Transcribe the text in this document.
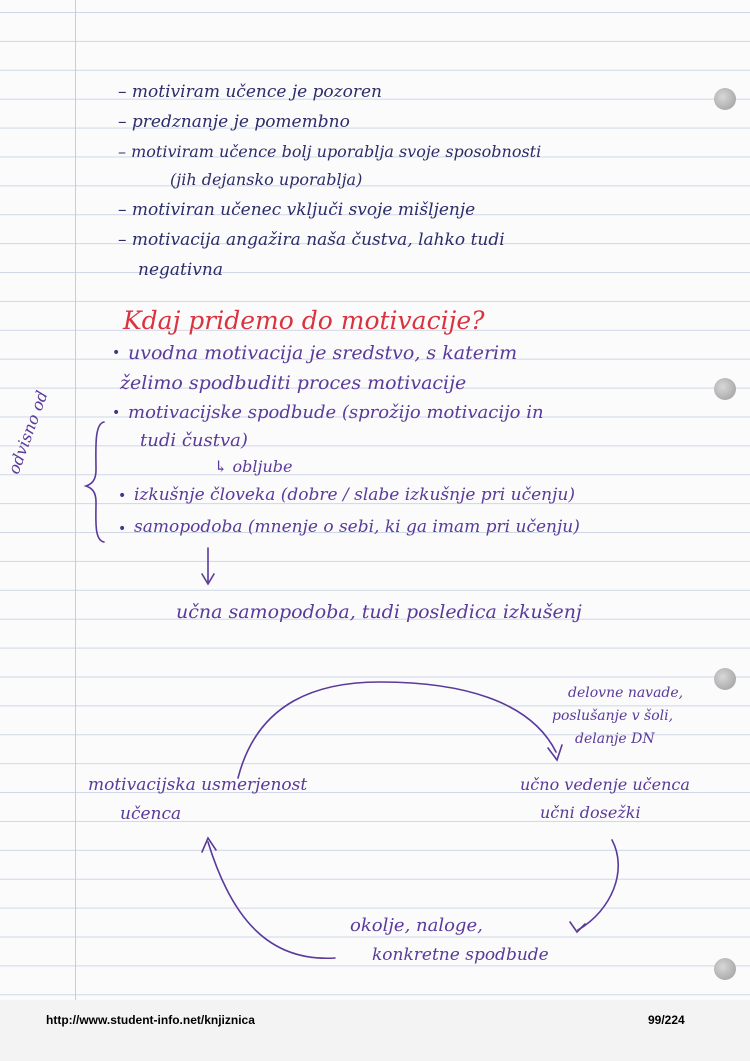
– motiviram učence je pozoren
– predznanje je pomembno
– motiviram učence bolj uporablja svoje sposobnosti
(jih dejansko uporablja)
– motiviran učenec vključi svoje mišljenje
– motivacija angažira naša čustva, lahko tudi
negativna
Kdaj pridemo do motivacije?
• uvodna motivacija je sredstvo, s katerim
želimo spodbuditi proces motivacije
• motivacijske spodbude (sprožijo motivacijo in
tudi čustva)
↳ obljube
• izkušnje človeka (dobre / slabe izkušnje pri učenju)
• samopodoba (mnenje o sebi, ki ga imam pri učenju)
odvisno od
učna samopodoba, tudi posledica izkušenj
motivacijska usmerjenost
učenca
učno vedenje učenca
učni dosežki
delovne navade,
poslušanje v šoli,
delanje DN
okolje, naloge,
konkretne spodbude
http://www.student-info.net/knjiznica	99/224
